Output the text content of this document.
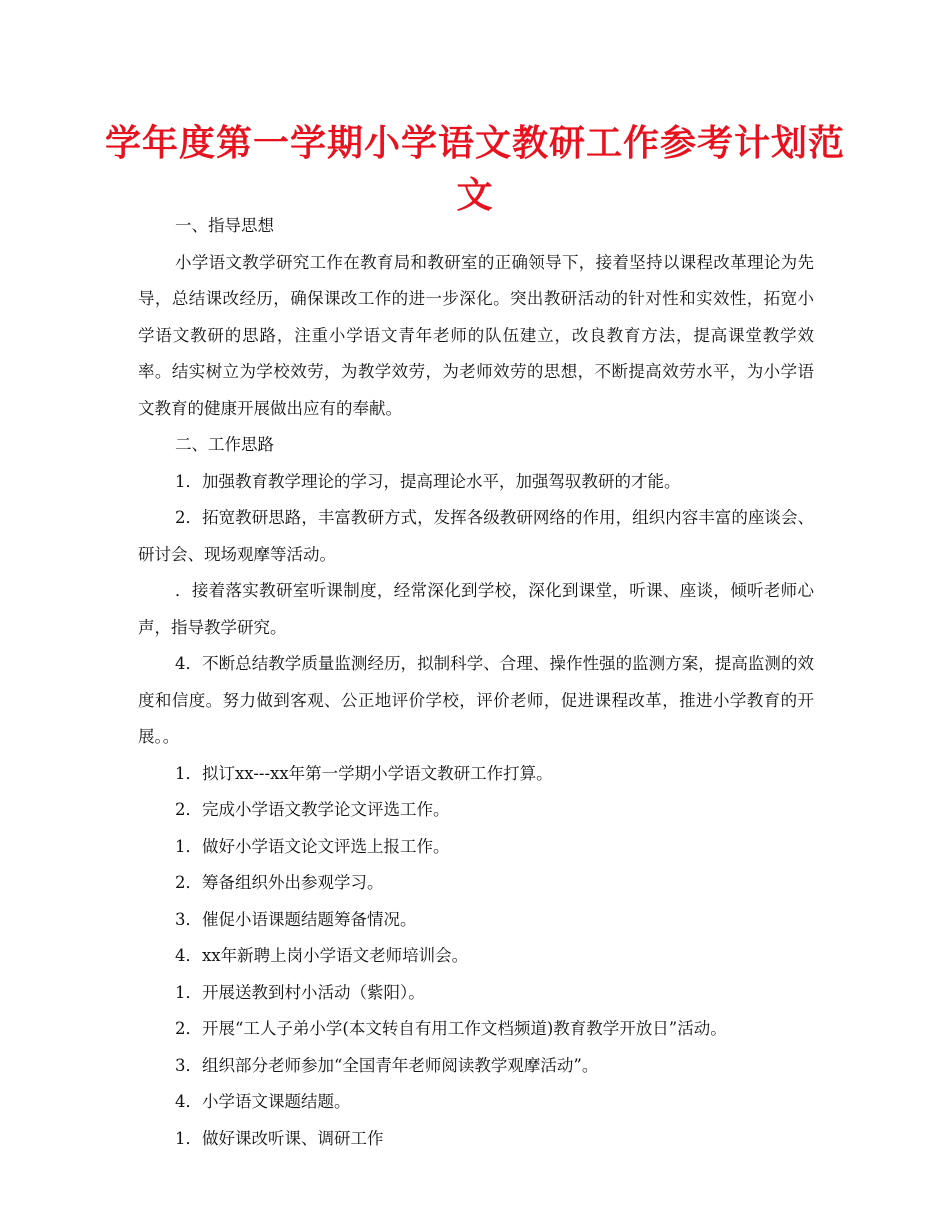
学年度第一学期小学语文教研工作参考计划范文

一、指导思想

小学语文教学研究工作在教育局和教研室的正确领导下，接着坚持以课程改革理论为先导，总结课改经历，确保课改工作的进一步深化。突出教研活动的针对性和实效性，拓宽小学语文教研的思路，注重小学语文青年老师的队伍建立，改良教育方法，提高课堂教学效率。结实树立为学校效劳，为教学效劳，为老师效劳的思想，不断提高效劳水平，为小学语文教育的健康开展做出应有的奉献。

二、工作思路

1．加强教育教学理论的学习，提高理论水平，加强驾驭教研的才能。

2．拓宽教研思路，丰富教研方式，发挥各级教研网络的作用，组织内容丰富的座谈会、研讨会、现场观摩等活动。

．接着落实教研室听课制度，经常深化到学校，深化到课堂，听课、座谈，倾听老师心声，指导教学研究。

4．不断总结教学质量监测经历，拟制科学、合理、操作性强的监测方案，提高监测的效度和信度。努力做到客观、公正地评价学校，评价老师，促进课程改革，推进小学教育的开展。。

1．拟订xx---xx年第一学期小学语文教研工作打算。

2．完成小学语文教学论文评选工作。

1．做好小学语文论文评选上报工作。

2．筹备组织外出参观学习。

3．催促小语课题结题筹备情况。

4．xx年新聘上岗小学语文老师培训会。

1．开展送教到村小活动（紫阳）。

2．开展“工人子弟小学(本文转自有用工作文档频道)教育教学开放日”活动。

3．组织部分老师参加“全国青年老师阅读教学观摩活动”。

4．小学语文课题结题。

1．做好课改听课、调研工作
